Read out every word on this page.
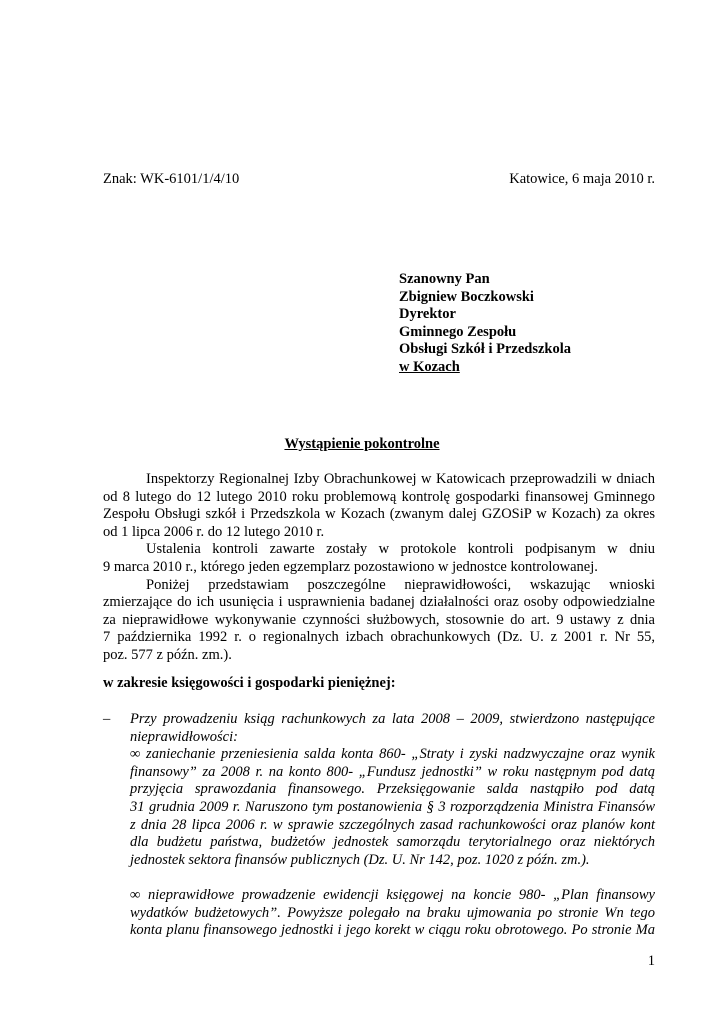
Znak: WK-6101/1/4/10	Katowice, 6 maja 2010 r.
Szanowny Pan
Zbigniew Boczkowski
Dyrektor
Gminnego Zespołu
Obsługi Szkół i Przedszkola
w Kozach
Wystąpienie pokontrolne
Inspektorzy Regionalnej Izby Obrachunkowej w Katowicach przeprowadzili w dniach
od 8 lutego do 12 lutego 2010 roku problemową kontrolę gospodarki finansowej Gminnego
Zespołu Obsługi szkół i Przedszkola w Kozach (zwanym dalej GZOSiP w Kozach) za okres
od 1 lipca 2006 r. do 12 lutego 2010 r.
Ustalenia kontroli zawarte zostały w protokole kontroli podpisanym w dniu
9 marca 2010 r., którego jeden egzemplarz pozostawiono w jednostce kontrolowanej.
Poniżej przedstawiam poszczególne nieprawidłowości, wskazując wnioski
zmierzające do ich usunięcia i usprawnienia badanej działalności oraz osoby odpowiedzialne
za nieprawidłowe wykonywanie czynności służbowych, stosownie do art. 9 ustawy z dnia
7 października 1992 r. o regionalnych izbach obrachunkowych (Dz. U. z 2001 r. Nr 55,
poz. 577 z późn. zm.).
w zakresie księgowości i gospodarki pieniężnej:
– Przy prowadzeniu ksiąg rachunkowych za lata 2008 – 2009, stwierdzono następujące
nieprawidłowości:
∞ zaniechanie przeniesienia salda konta 860- „Straty i zyski nadzwyczajne oraz wynik
finansowy” za 2008 r. na konto 800- „Fundusz jednostki” w roku następnym pod datą
przyjęcia sprawozdania finansowego. Przeksięgowanie salda nastąpiło pod datą
31 grudnia 2009 r. Naruszono tym postanowienia § 3 rozporządzenia Ministra Finansów
z dnia 28 lipca 2006 r. w sprawie szczególnych zasad rachunkowości oraz planów kont
dla budżetu państwa, budżetów jednostek samorządu terytorialnego oraz niektórych
jednostek sektora finansów publicznych (Dz. U. Nr 142, poz. 1020 z późn. zm.).
∞ nieprawidłowe prowadzenie ewidencji księgowej na koncie 980- „Plan finansowy
wydatków budżetowych”. Powyższe polegało na braku ujmowania po stronie Wn tego
konta planu finansowego jednostki i jego korekt w ciągu roku obrotowego. Po stronie Ma
1
